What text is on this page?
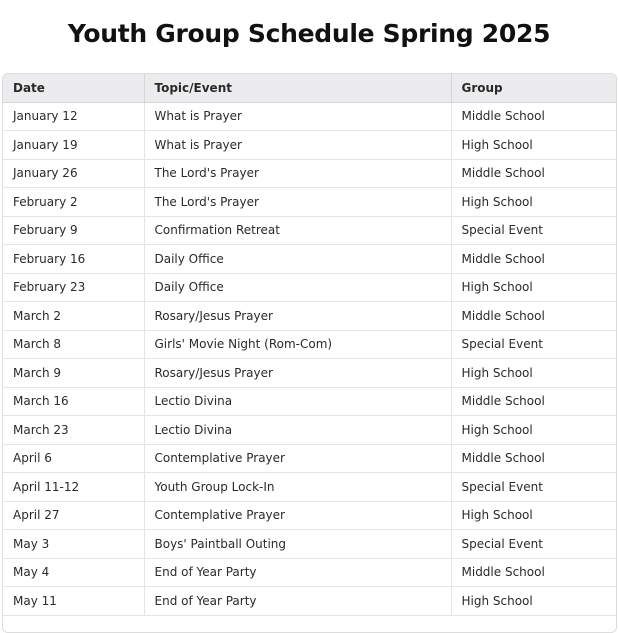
Youth Group Schedule Spring 2025
Date	Topic/Event	Group
January 12	What is Prayer	Middle School
January 19	What is Prayer	High School
January 26	The Lord's Prayer	Middle School
February 2	The Lord's Prayer	High School
February 9	Confirmation Retreat	Special Event
February 16	Daily Office	Middle School
February 23	Daily Office	High School
March 2	Rosary/Jesus Prayer	Middle School
March 8	Girls' Movie Night (Rom-Com)	Special Event
March 9	Rosary/Jesus Prayer	High School
March 16	Lectio Divina	Middle School
March 23	Lectio Divina	High School
April 6	Contemplative Prayer	Middle School
April 11-12	Youth Group Lock-In	Special Event
April 27	Contemplative Prayer	High School
May 3	Boys' Paintball Outing	Special Event
May 4	End of Year Party	Middle School
May 11	End of Year Party	High School
